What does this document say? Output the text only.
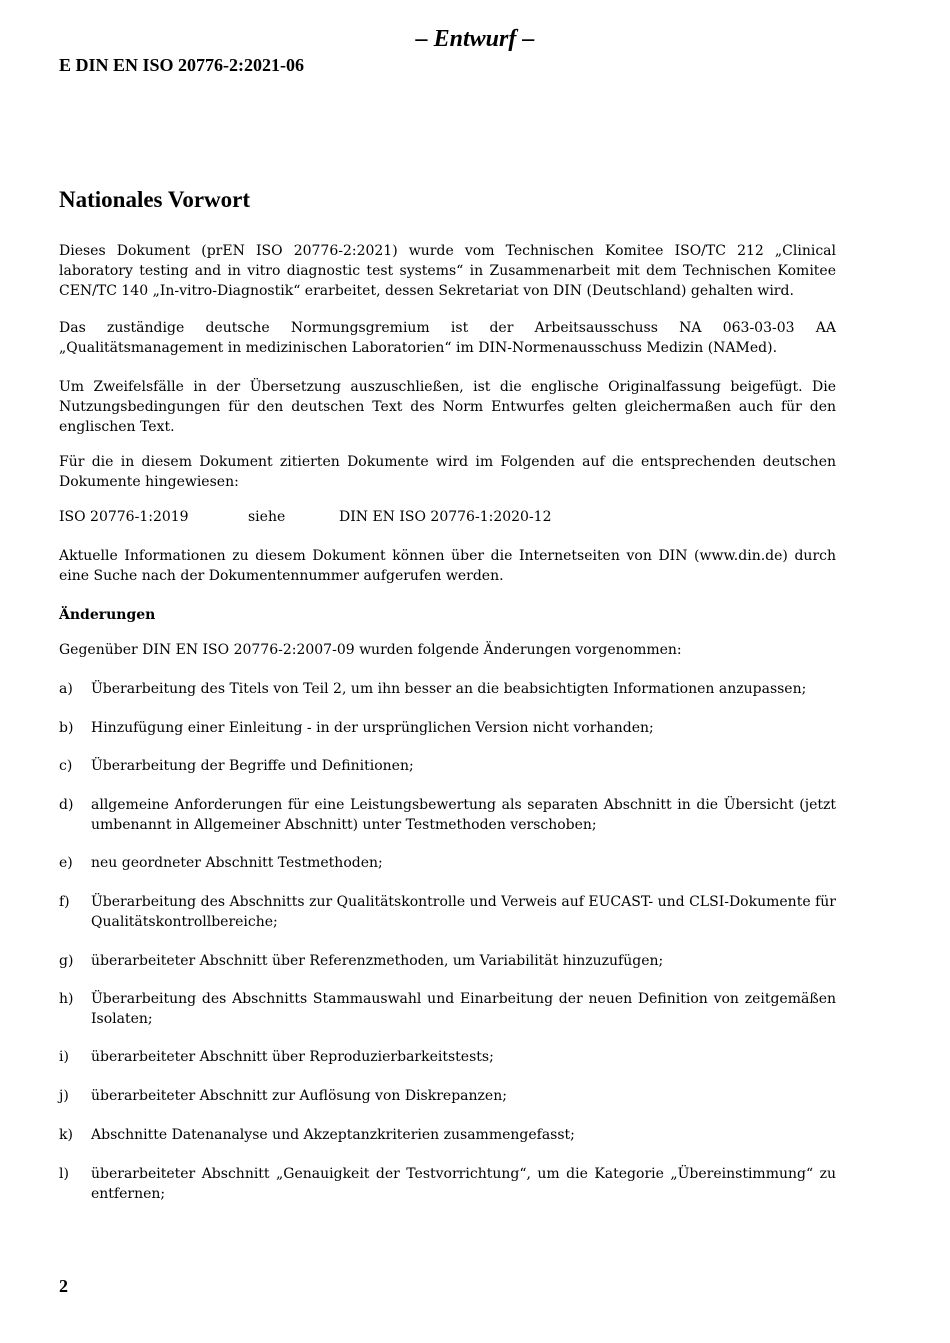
– Entwurf –
E DIN EN ISO 20776-2:2021-06
Nationales Vorwort

Dieses Dokument (prEN ISO 20776-2:2021) wurde vom Technischen Komitee ISO/TC 212 „Clinical laboratory testing and in vitro diagnostic test systems“ in Zusammenarbeit mit dem Technischen Komitee CEN/TC 140 „In-vitro-Diagnostik“ erarbeitet, dessen Sekretariat von DIN (Deutschland) gehalten wird.

Das zuständige deutsche Normungsgremium ist der Arbeitsausschuss NA 063-03-03 AA „Qualitätsmanagement in medizinischen Laboratorien“ im DIN-Normenausschuss Medizin (NAMed).

Um Zweifelsfälle in der Übersetzung auszuschließen, ist die englische Originalfassung beigefügt. Die Nutzungsbedingungen für den deutschen Text des Norm Entwurfes gelten gleichermaßen auch für den englischen Text.

Für die in diesem Dokument zitierten Dokumente wird im Folgenden auf die entsprechenden deutschen Dokumente hingewiesen:

ISO 20776-1:2019	siehe	DIN EN ISO 20776-1:2020-12

Aktuelle Informationen zu diesem Dokument können über die Internetseiten von DIN (www.din.de) durch eine Suche nach der Dokumentennummer aufgerufen werden.

Änderungen

Gegenüber DIN EN ISO 20776-2:2007-09 wurden folgende Änderungen vorgenommen:

a) Überarbeitung des Titels von Teil 2, um ihn besser an die beabsichtigten Informationen anzupassen;
b) Hinzufügung einer Einleitung - in der ursprünglichen Version nicht vorhanden;
c) Überarbeitung der Begriffe und Definitionen;
d) allgemeine Anforderungen für eine Leistungsbewertung als separaten Abschnitt in die Übersicht (jetzt umbenannt in Allgemeiner Abschnitt) unter Testmethoden verschoben;
e) neu geordneter Abschnitt Testmethoden;
f) Überarbeitung des Abschnitts zur Qualitätskontrolle und Verweis auf EUCAST- und CLSI-Dokumente für Qualitätskontrollbereiche;
g) überarbeiteter Abschnitt über Referenzmethoden, um Variabilität hinzuzufügen;
h) Überarbeitung des Abschnitts Stammauswahl und Einarbeitung der neuen Definition von zeitgemäßen Isolaten;
i) überarbeiteter Abschnitt über Reproduzierbarkeitstests;
j) überarbeiteter Abschnitt zur Auflösung von Diskrepanzen;
k) Abschnitte Datenanalyse und Akzeptanzkriterien zusammengefasst;
l) überarbeiteter Abschnitt „Genauigkeit der Testvorrichtung“, um die Kategorie „Übereinstimmung“ zu entfernen;
2
